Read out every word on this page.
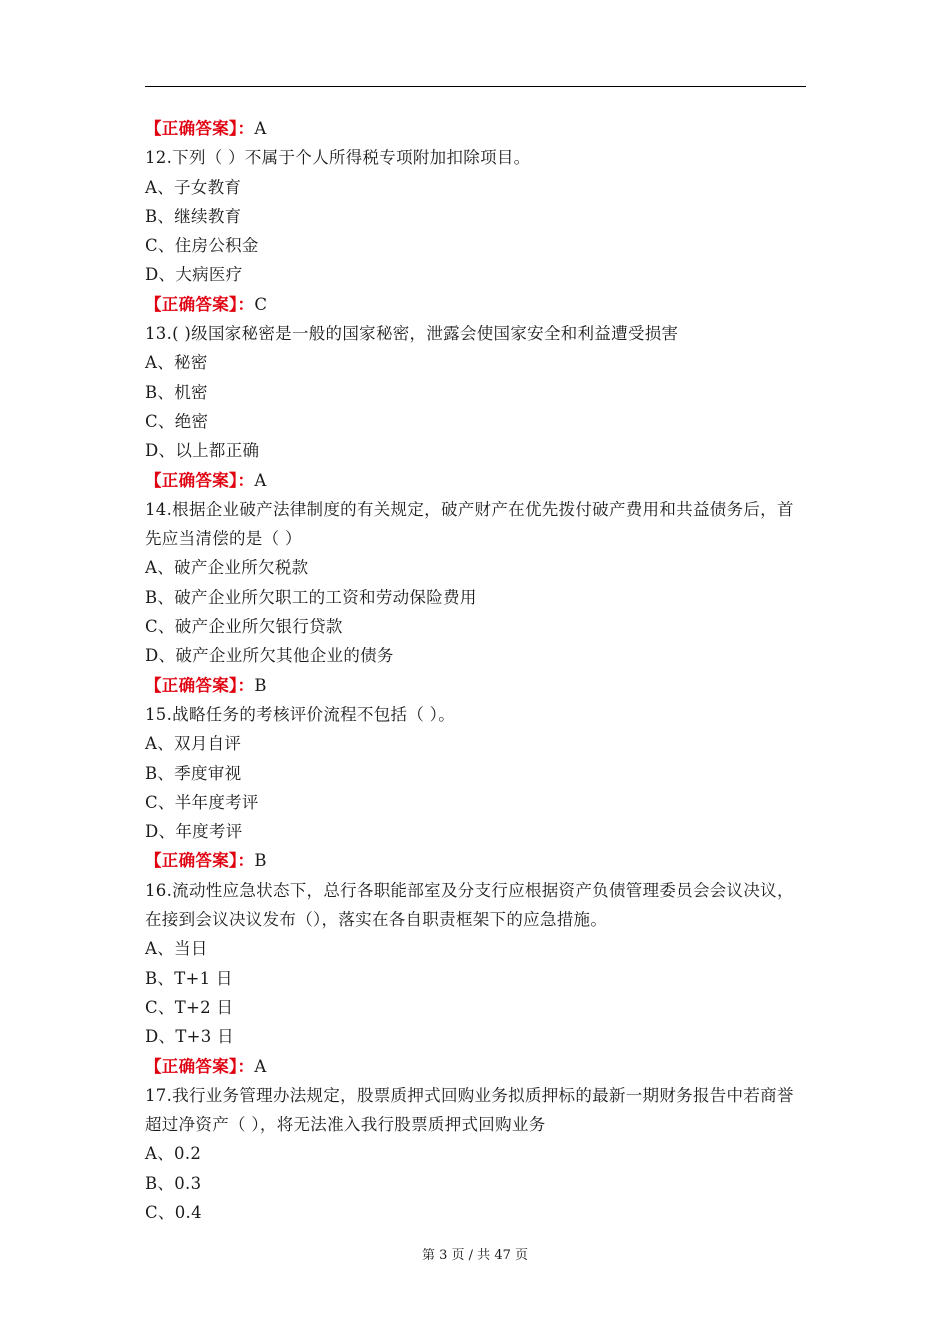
【正确答案】：A
12.下列（ ）不属于个人所得税专项附加扣除项目。
A、子女教育
B、继续教育
C、住房公积金
D、大病医疗
【正确答案】：C
13.( )级国家秘密是一般的国家秘密，泄露会使国家安全和利益遭受损害
A、秘密
B、机密
C、绝密
D、以上都正确
【正确答案】：A
14.根据企业破产法律制度的有关规定，破产财产在优先拨付破产费用和共益债务后，首先应当清偿的是（ ）
A、破产企业所欠税款
B、破产企业所欠职工的工资和劳动保险费用
C、破产企业所欠银行贷款
D、破产企业所欠其他企业的债务
【正确答案】：B
15.战略任务的考核评价流程不包括（ ）。
A、双月自评
B、季度审视
C、半年度考评
D、年度考评
【正确答案】：B
16.流动性应急状态下，总行各职能部室及分支行应根据资产负债管理委员会会议决议，在接到会议决议发布（），落实在各自职责框架下的应急措施。
A、当日
B、T+1 日
C、T+2 日
D、T+3 日
【正确答案】：A
17.我行业务管理办法规定，股票质押式回购业务拟质押标的最新一期财务报告中若商誉超过净资产（ ），将无法准入我行股票质押式回购业务
A、0.2
B、0.3
C、0.4
第 3 页 / 共 47 页
